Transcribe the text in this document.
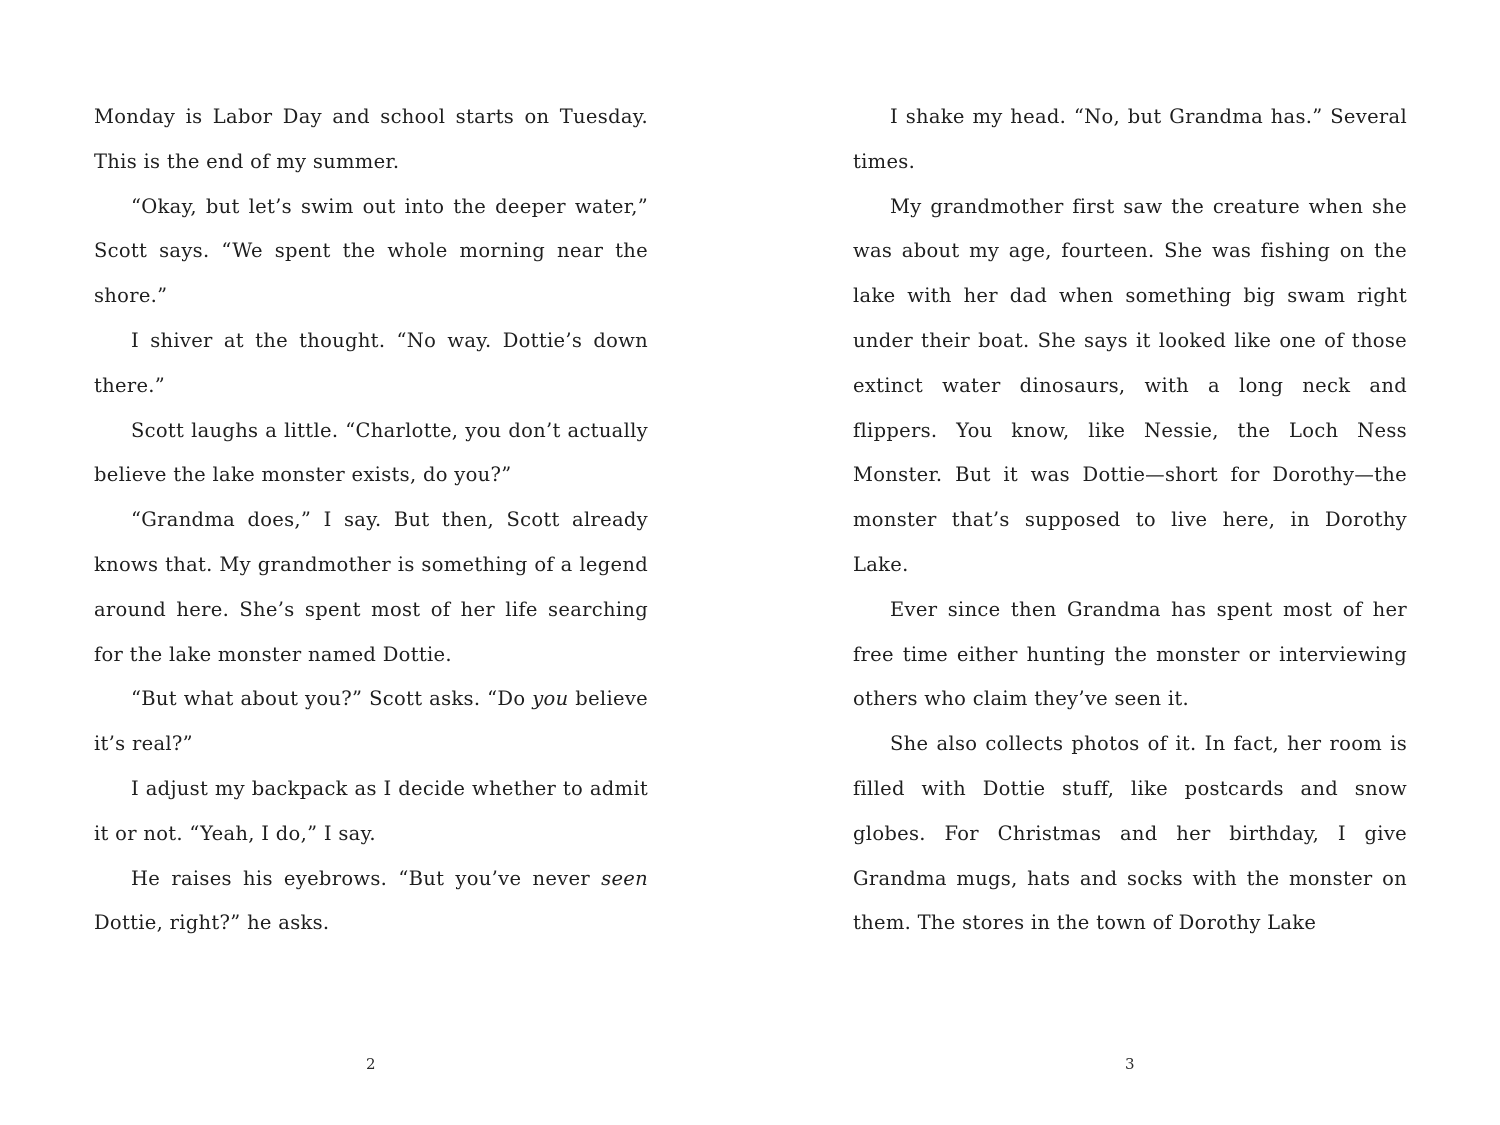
Monday is Labor Day and school starts on Tuesday. This is the end of my summer.

“Okay, but let’s swim out into the deeper water,” Scott says. “We spent the whole morning near the shore.”

I shiver at the thought. “No way. Dottie’s down there.”

Scott laughs a little. “Charlotte, you don’t actually believe the lake monster exists, do you?”

“Grandma does,” I say. But then, Scott already knows that. My grandmother is something of a legend around here. She’s spent most of her life searching for the lake monster named Dottie.

“But what about you?” Scott asks. “Do you believe it’s real?”

I adjust my backpack as I decide whether to admit it or not. “Yeah, I do,” I say.

He raises his eyebrows. “But you’ve never seen Dottie, right?” he asks.

I shake my head. “No, but Grandma has.” Several times.

My grandmother first saw the creature when she was about my age, fourteen. She was fishing on the lake with her dad when something big swam right under their boat. She says it looked like one of those extinct water dinosaurs, with a long neck and flippers. You know, like Nessie, the Loch Ness Monster. But it was Dottie—short for Dorothy—the monster that’s supposed to live here, in Dorothy Lake.

Ever since then Grandma has spent most of her free time either hunting the monster or interviewing others who claim they’ve seen it.

She also collects photos of it. In fact, her room is filled with Dottie stuff, like postcards and snow globes. For Christmas and her birthday, I give Grandma mugs, hats and socks with the monster on them. The stores in the town of Dorothy Lake

2	3
